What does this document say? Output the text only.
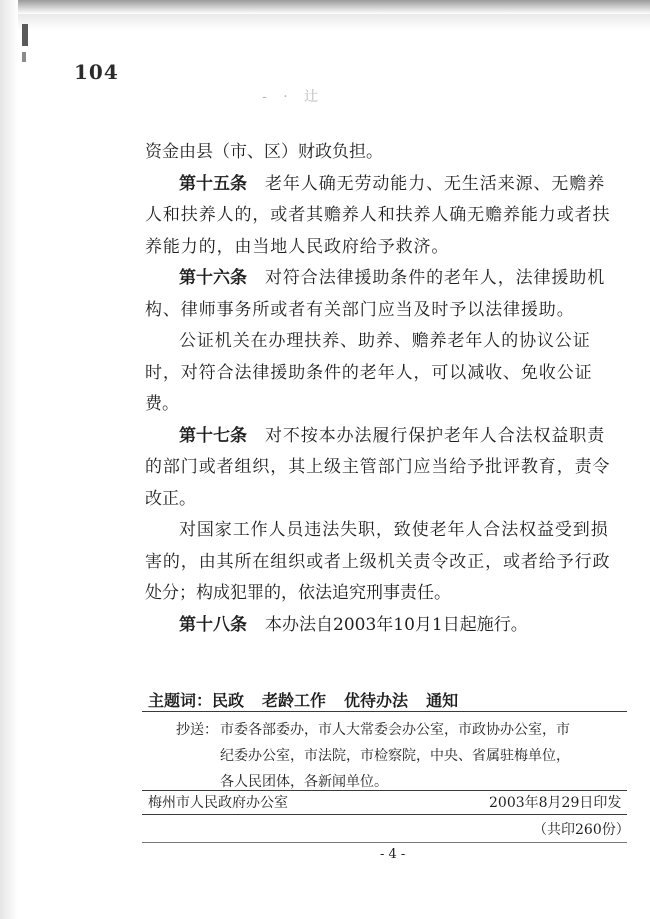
104
- · 辻
资金由县（市、区）财政负担。
第十五条 老年人确无劳动能力、无生活来源、无赡养
人和扶养人的，或者其赡养人和扶养人确无赡养能力或者扶
养能力的，由当地人民政府给予救济。
第十六条 对符合法律援助条件的老年人，法律援助机
构、律师事务所或者有关部门应当及时予以法律援助。
公证机关在办理扶养、助养、赡养老年人的协议公证
时，对符合法律援助条件的老年人，可以减收、免收公证
费。
第十七条 对不按本办法履行保护老年人合法权益职责
的部门或者组织，其上级主管部门应当给予批评教育，责令
改正。
对国家工作人员违法失职，致使老年人合法权益受到损
害的，由其所在组织或者上级机关责令改正，或者给予行政
处分；构成犯罪的，依法追究刑事责任。
第十八条 本办法自2003年10月1日起施行。
主题词：民政 老龄工作 优待办法 通知
抄送： 市委各部委办，市人大常委会办公室，市政协办公室，市
纪委办公室，市法院，市检察院，中央、省属驻梅单位，
各人民团体，各新闻单位。
梅州市人民政府办公室	2003年8月29日印发
（共印260份）
- 4 -
